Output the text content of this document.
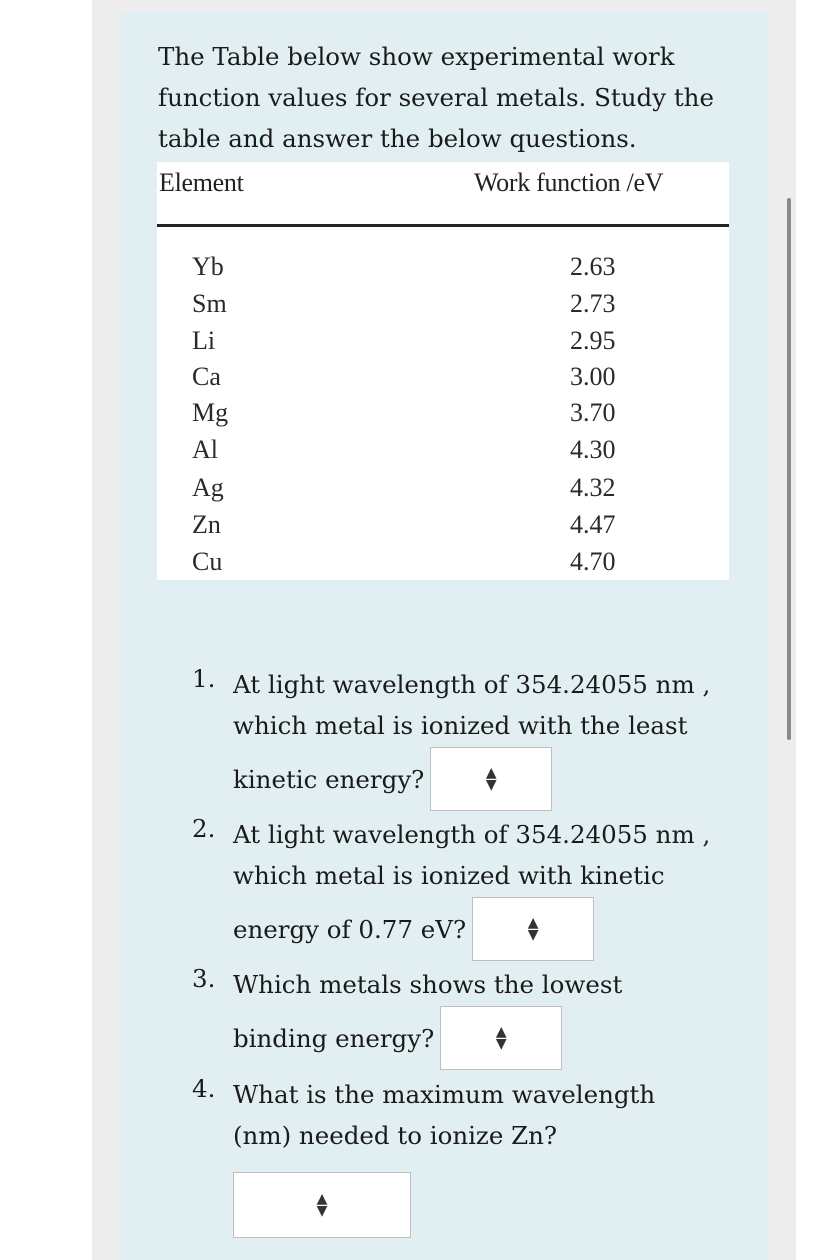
The Table below show experimental work function values for several metals. Study the table and answer the below questions.

Element	Work function /eV
Yb	2.63
Sm	2.73
Li	2.95
Ca	3.00
Mg	3.70
Al	4.30
Ag	4.32
Zn	4.47
Cu	4.70
1. At light wavelength of 354.24055 nm , which metal is ionized with the least
kinetic energy?	▲
▼
2. At light wavelength of 354.24055 nm , which metal is ionized with kinetic
energy of 0.77 eV?	▲
▼
3. Which metals shows the lowest
binding energy?	▲
▼
4. What is the maximum wavelength (nm) needed to ionize Zn?
▲
▼
